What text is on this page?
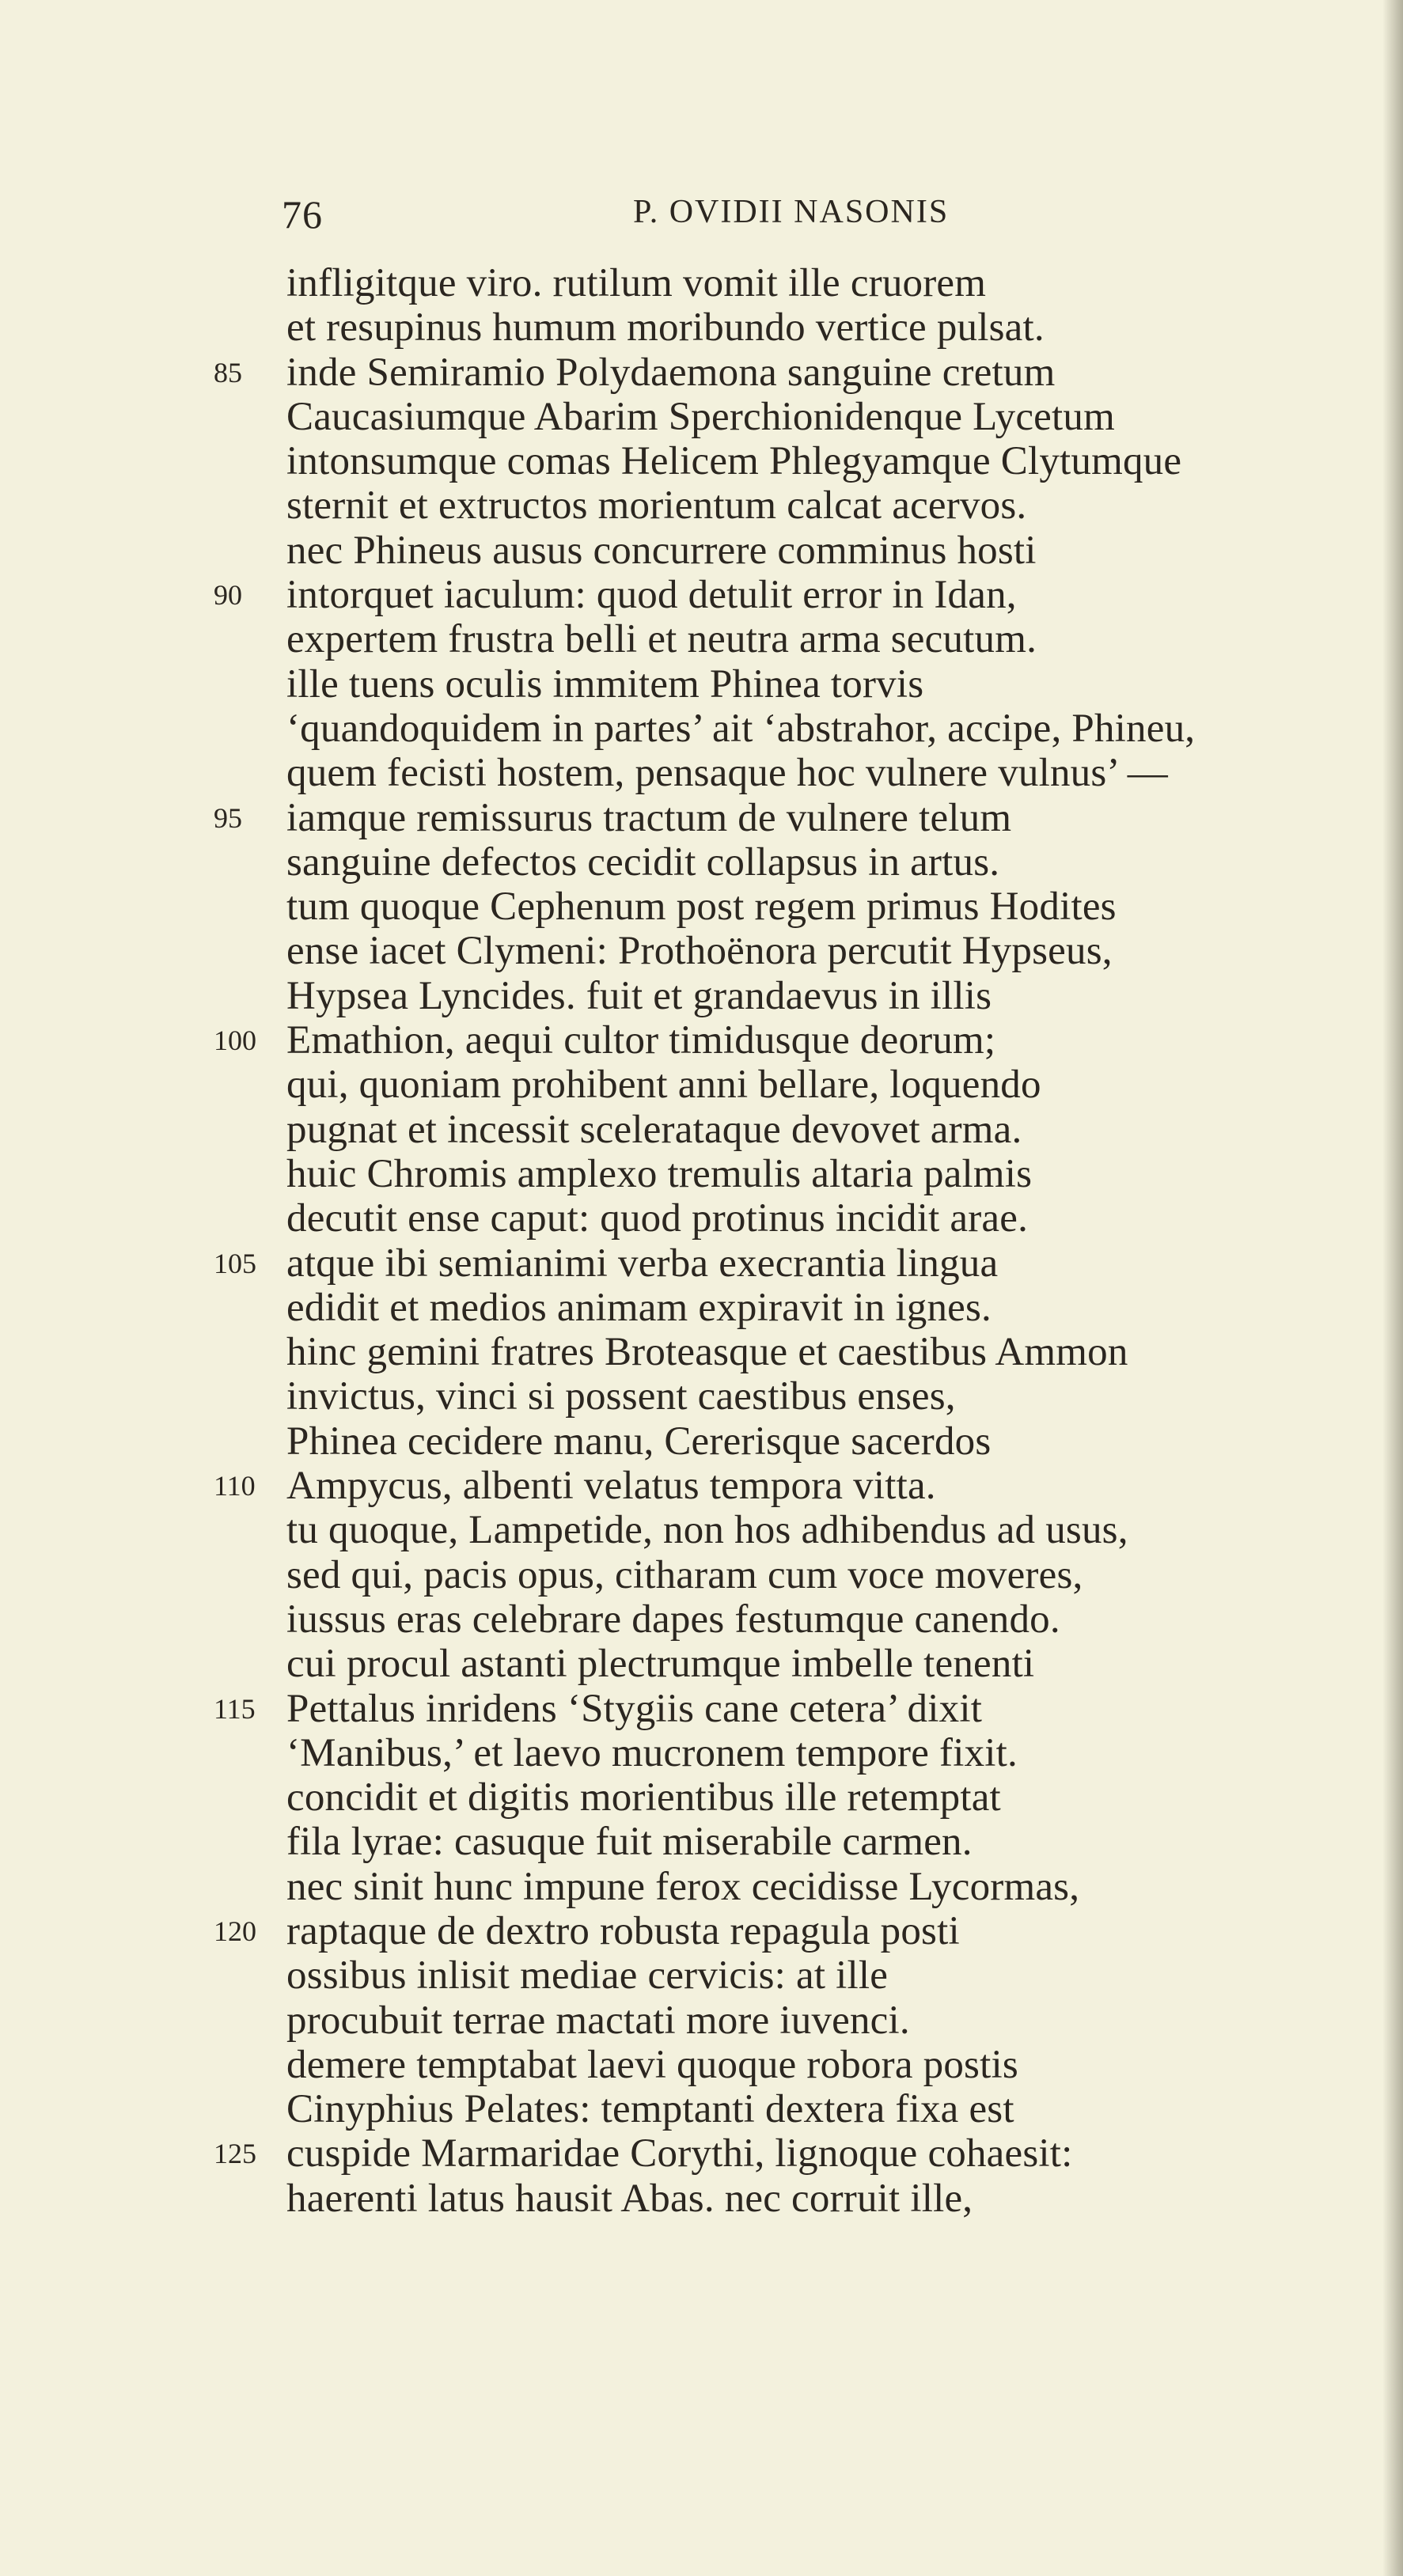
76	P. OVIDII NASONIS
infligitque viro. rutilum vomit ille cruorem
et resupinus humum moribundo vertice pulsat.
85	inde Semiramio Polydaemona sanguine cretum
Caucasiumque Abarim Sperchionidenque Lycetum
intonsumque comas Helicem Phlegyamque Clytumque
sternit et extructos morientum calcat acervos.
nec Phineus ausus concurrere comminus hosti
90	intorquet iaculum: quod detulit error in Idan,
expertem frustra belli et neutra arma secutum.
ille tuens oculis immitem Phinea torvis
‘quandoquidem in partes’ ait ‘abstrahor, accipe, Phineu,
quem fecisti hostem, pensaque hoc vulnere vulnus’ —
95	iamque remissurus tractum de vulnere telum
sanguine defectos cecidit collapsus in artus.
tum quoque Cephenum post regem primus Hodites
ense iacet Clymeni: Prothoënora percutit Hypseus,
Hypsea Lyncides. fuit et grandaevus in illis
100 Emathion, aequi cultor timidusque deorum;
qui, quoniam prohibent anni bellare, loquendo
pugnat et incessit scelerataque devovet arma.
huic Chromis amplexo tremulis altaria palmis
decutit ense caput: quod protinus incidit arae.
105 atque ibi semianimi verba execrantia lingua
edidit et medios animam expiravit in ignes.
hinc gemini fratres Broteasque et caestibus Ammon
invictus, vinci si possent caestibus enses,
Phinea cecidere manu, Cererisque sacerdos
110 Ampycus, albenti velatus tempora vitta.
tu quoque, Lampetide, non hos adhibendus ad usus,
sed qui, pacis opus, citharam cum voce moveres,
iussus eras celebrare dapes festumque canendo.
cui procul astanti plectrumque imbelle tenenti
115 Pettalus inridens ‘Stygiis cane cetera’ dixit
‘Manibus,’ et laevo mucronem tempore fixit.
concidit et digitis morientibus ille retemptat
fila lyrae: casuque fuit miserabile carmen.
nec sinit hunc impune ferox cecidisse Lycormas,
120 raptaque de dextro robusta repagula posti
ossibus inlisit mediae cervicis: at ille
procubuit terrae mactati more iuvenci.
demere temptabat laevi quoque robora postis
Cinyphius Pelates: temptanti dextera fixa est
125 cuspide Marmaridae Corythi, lignoque cohaesit:
haerenti latus hausit Abas. nec corruit ille,
